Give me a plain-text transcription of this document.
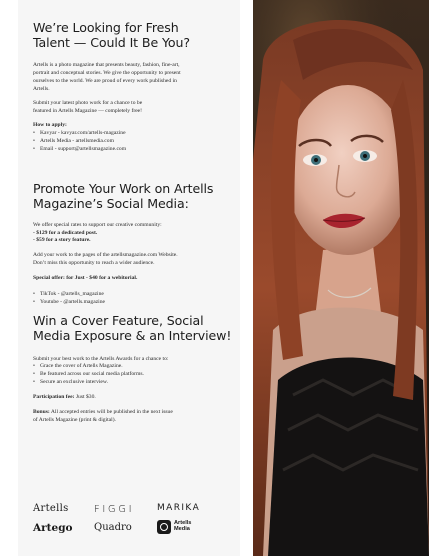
We’re Looking for Fresh
Talent — Could It Be You?
Artells is a photo magazine that presents beauty, fashion, fine-art,
portrait and conceptual stories. We give the opportunity to present
ourselves to the world. We are proud of every work published in
Artells.
Submit your latest photo work for a chance to be
featured in Artells Magazine — completely free!
How to apply:
• Kavyar - kavyar.com/artells-magazine
• Artells Media - artellsmedia.com
• Email - support@artellsmagazine.com
Promote Your Work on Artells
Magazine’s Social Media:
We offer special rates to support our creative community:
- $129 for a dedicated post.
- $59 for a story feature.
Add your work to the pages of the artellsmagazine.com Website.
Don’t miss this opportunity to reach a wider audience.
Special offer: for Just - $40 for a webitorial.
• TikTok - @artells_magazine
• Youtube - @artells.magazine
Win a Cover Feature, Social
Media Exposure & an Interview!
Submit your best work to the Artells Awards for a chance to:
• Grace the cover of Artells Magazine.
• Be featured across our social media platforms.
• Secure an exclusive interview.
Participation fee: Just $30.
Bonus: All accepted entries will be published in the next issue
of Artells Magazine (print & digital).
Artells	FIGGI	MARIKA
Artego Quadro	Artells
Media
